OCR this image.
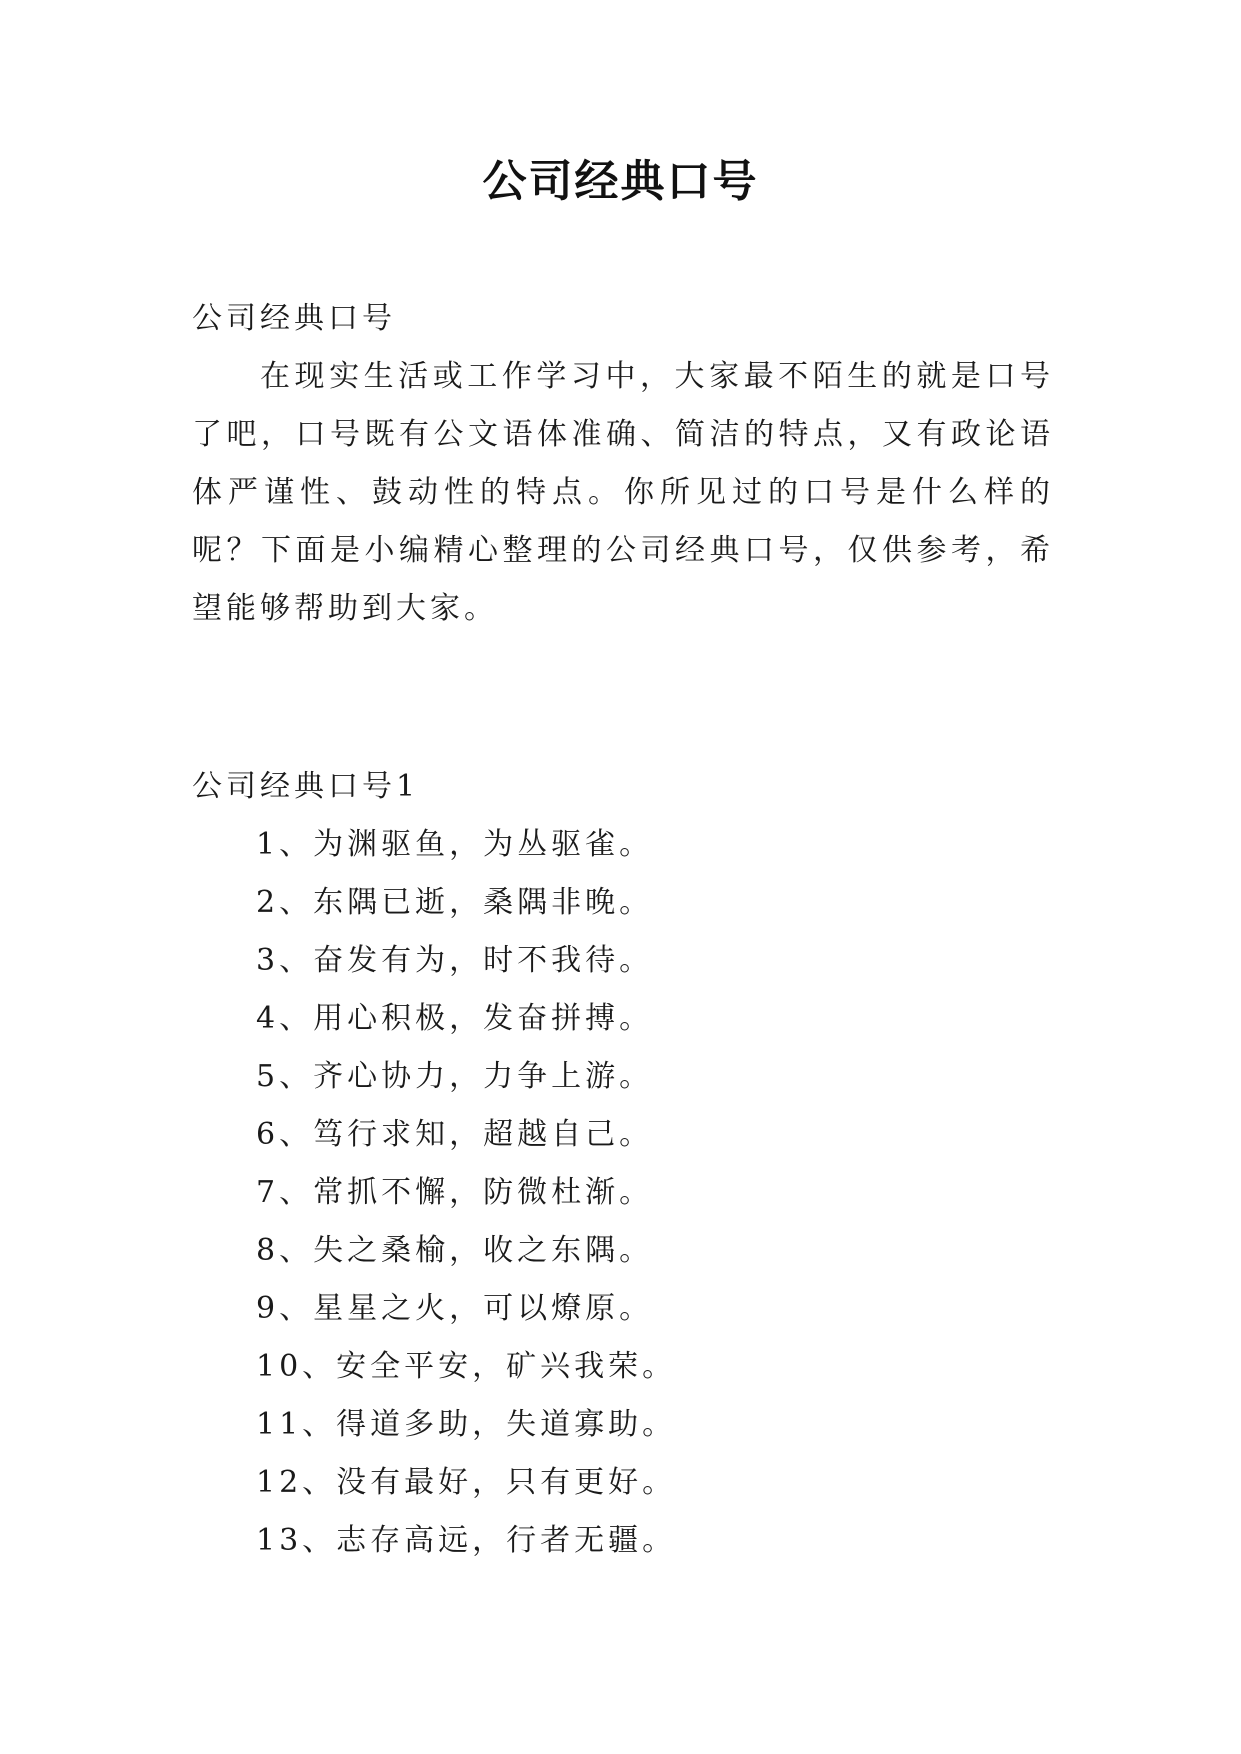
公司经典口号
公司经典口号

在现实生活或工作学习中，大家最不陌生的就是口号了吧，口号既有公文语体准确、简洁的特点，又有政论语体严谨性、鼓动性的特点。你所见过的口号是什么样的呢？下面是小编精心整理的公司经典口号，仅供参考，希望能够帮助到大家。

公司经典口号1
1、为渊驱鱼，为丛驱雀。
2、东隅已逝，桑隅非晚。
3、奋发有为，时不我待。
4、用心积极，发奋拼搏。
5、齐心协力，力争上游。
6、笃行求知，超越自己。
7、常抓不懈，防微杜渐。
8、失之桑榆，收之东隅。
9、星星之火，可以燎原。
10、安全平安，矿兴我荣。
11、得道多助，失道寡助。
12、没有最好，只有更好。
13、志存高远，行者无疆。
